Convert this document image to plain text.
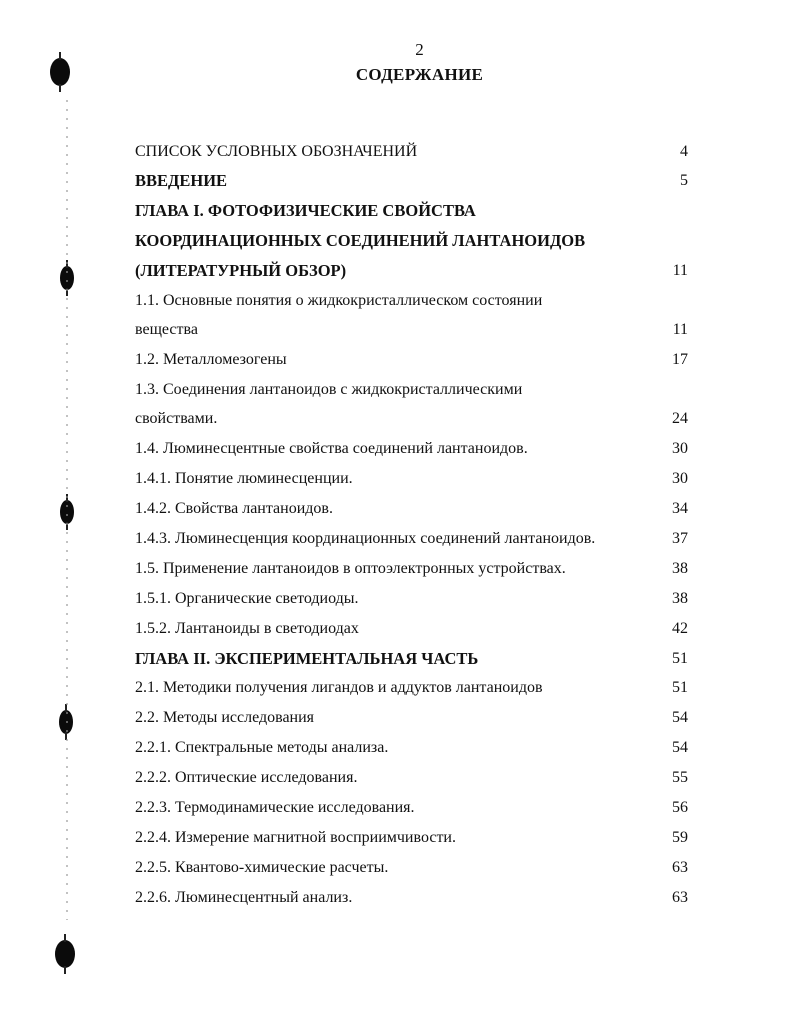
2
СОДЕРЖАНИЕ
СПИСОК УСЛОВНЫХ ОБОЗНАЧЕНИЙ	4
ВВЕДЕНИЕ	5
ГЛАВА I. ФОТОФИЗИЧЕСКИЕ СВОЙСТВА
КООРДИНАЦИОННЫХ СОЕДИНЕНИЙ ЛАНТАНОИДОВ
(ЛИТЕРАТУРНЫЙ ОБЗОР)	11
1.1. Основные понятия о жидкокристаллическом состоянии
вещества	11
1.2. Металломезогены	17
1.3. Соединения лантаноидов с жидкокристаллическими
свойствами.	24
1.4. Люминесцентные свойства соединений лантаноидов.	30
1.4.1. Понятие люминесценции.	30
1.4.2. Свойства лантаноидов.	34
1.4.3. Люминесценция координационных соединений лантаноидов.	37
1.5. Применение лантаноидов в оптоэлектронных устройствах.	38
1.5.1. Органические светодиоды.	38
1.5.2. Лантаноиды в светодиодах	42
ГЛАВА II. ЭКСПЕРИМЕНТАЛЬНАЯ ЧАСТЬ	51
2.1. Методики получения лигандов и аддуктов лантаноидов	51
2.2. Методы исследования	54
2.2.1. Спектральные методы анализа.	54
2.2.2. Оптические исследования.	55
2.2.3. Термодинамические исследования.	56
2.2.4. Измерение магнитной восприимчивости.	59
2.2.5. Квантово-химические расчеты.	63
2.2.6. Люминесцентный анализ.	63
